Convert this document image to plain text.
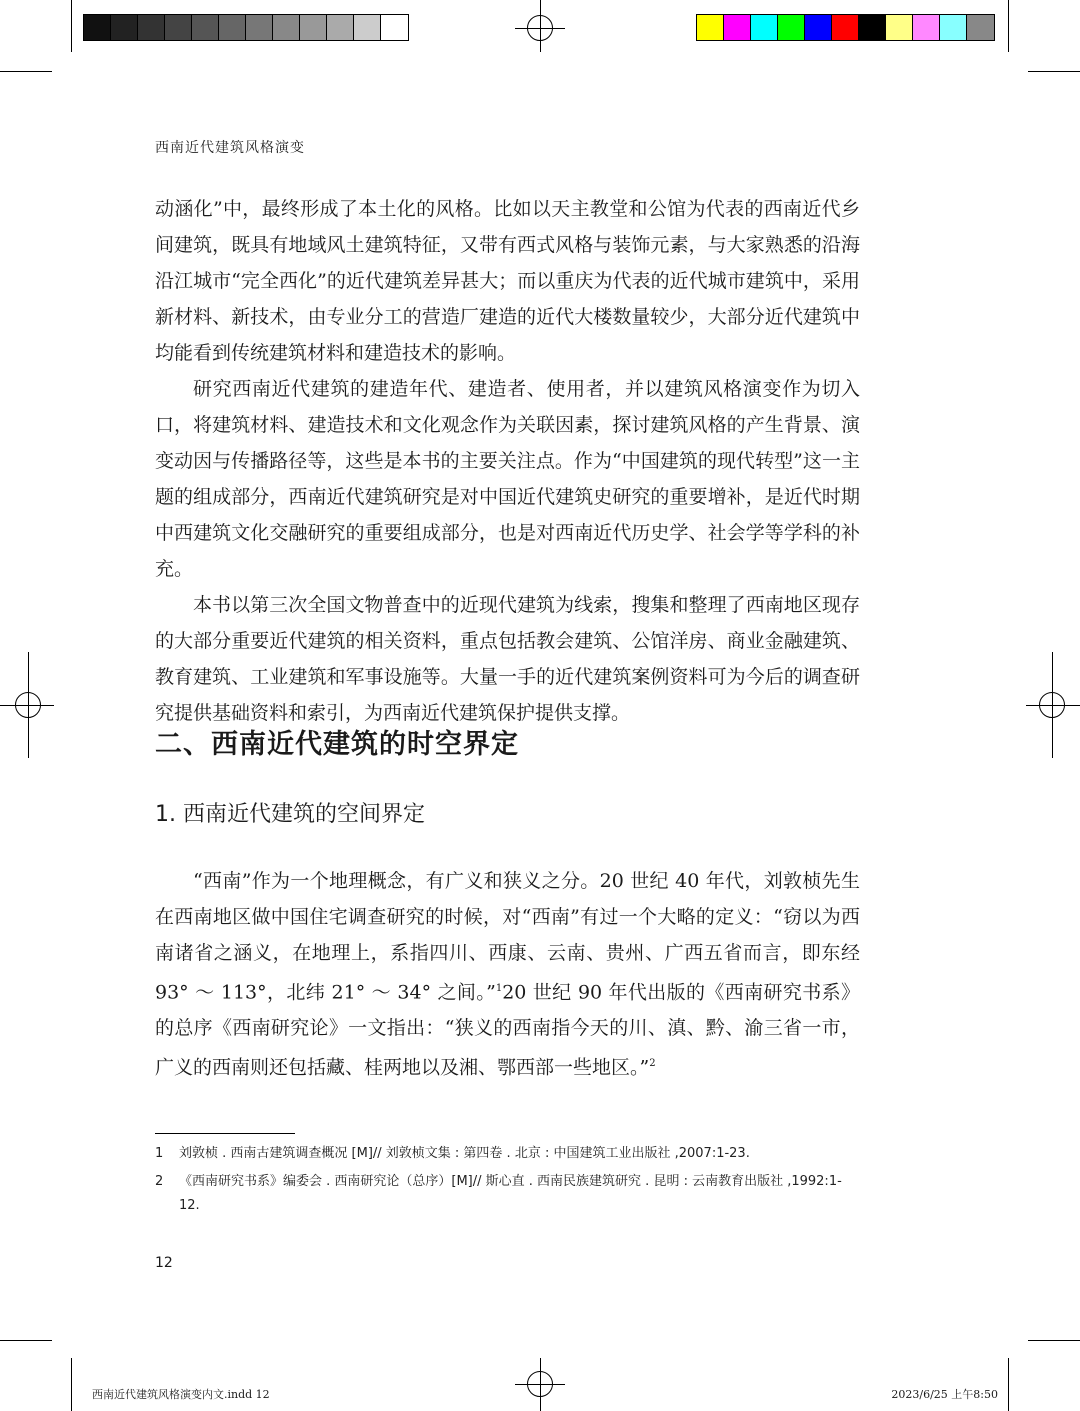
西南近代建筑风格演变

动涵化”中，最终形成了本土化的风格。比如以天主教堂和公馆为代表的西南近代乡间建筑，既具有地域风土建筑特征，又带有西式风格与装饰元素，与大家熟悉的沿海沿江城市“完全西化”的近代建筑差异甚大；而以重庆为代表的近代城市建筑中，采用新材料、新技术，由专业分工的营造厂建造的近代大楼数量较少，大部分近代建筑中均能看到传统建筑材料和建造技术的影响。

研究西南近代建筑的建造年代、建造者、使用者，并以建筑风格演变作为切入口，将建筑材料、建造技术和文化观念作为关联因素，探讨建筑风格的产生背景、演变动因与传播路径等，这些是本书的主要关注点。作为“中国建筑的现代转型”这一主题的组成部分，西南近代建筑研究是对中国近代建筑史研究的重要增补，是近代时期中西建筑文化交融研究的重要组成部分，也是对西南近代历史学、社会学等学科的补充。

本书以第三次全国文物普查中的近现代建筑为线索，搜集和整理了西南地区现存的大部分重要近代建筑的相关资料，重点包括教会建筑、公馆洋房、商业金融建筑、教育建筑、工业建筑和军事设施等。大量一手的近代建筑案例资料可为今后的调查研究提供基础资料和索引，为西南近代建筑保护提供支撑。

二、西南近代建筑的时空界定
1. 西南近代建筑的空间界定

“西南”作为一个地理概念，有广义和狭义之分。20 世纪 40 年代，刘敦桢先生在西南地区做中国住宅调查研究的时候，对“西南”有过一个大略的定义：“窃以为西南诸省之涵义，在地理上，系指四川、西康、云南、贵州、广西五省而言，即东经 93° ～ 113°，北纬 21° ～ 34° 之间。”$^1$20 世纪 90 年代出版的《西南研究书系》的总序《西南研究论》一文指出：“狭义的西南指今天的川、滇、黔、渝三省一市，广义的西南则还包括藏、桂两地以及湘、鄂西部一些地区。”$^2$

1	刘敦桢 . 西南古建筑调查概况 [M]// 刘敦桢文集 : 第四卷 . 北京 : 中国建筑工业出版社 ,2007:1-23.
2	《西南研究书系》编委会 . 西南研究论（总序）[M]// 斯心直 . 西南民族建筑研究 . 昆明 : 云南教育出版社 ,1992:1-12.
12
西南近代建筑风格演变内文.indd 12	2023/6/25 上午8:50
